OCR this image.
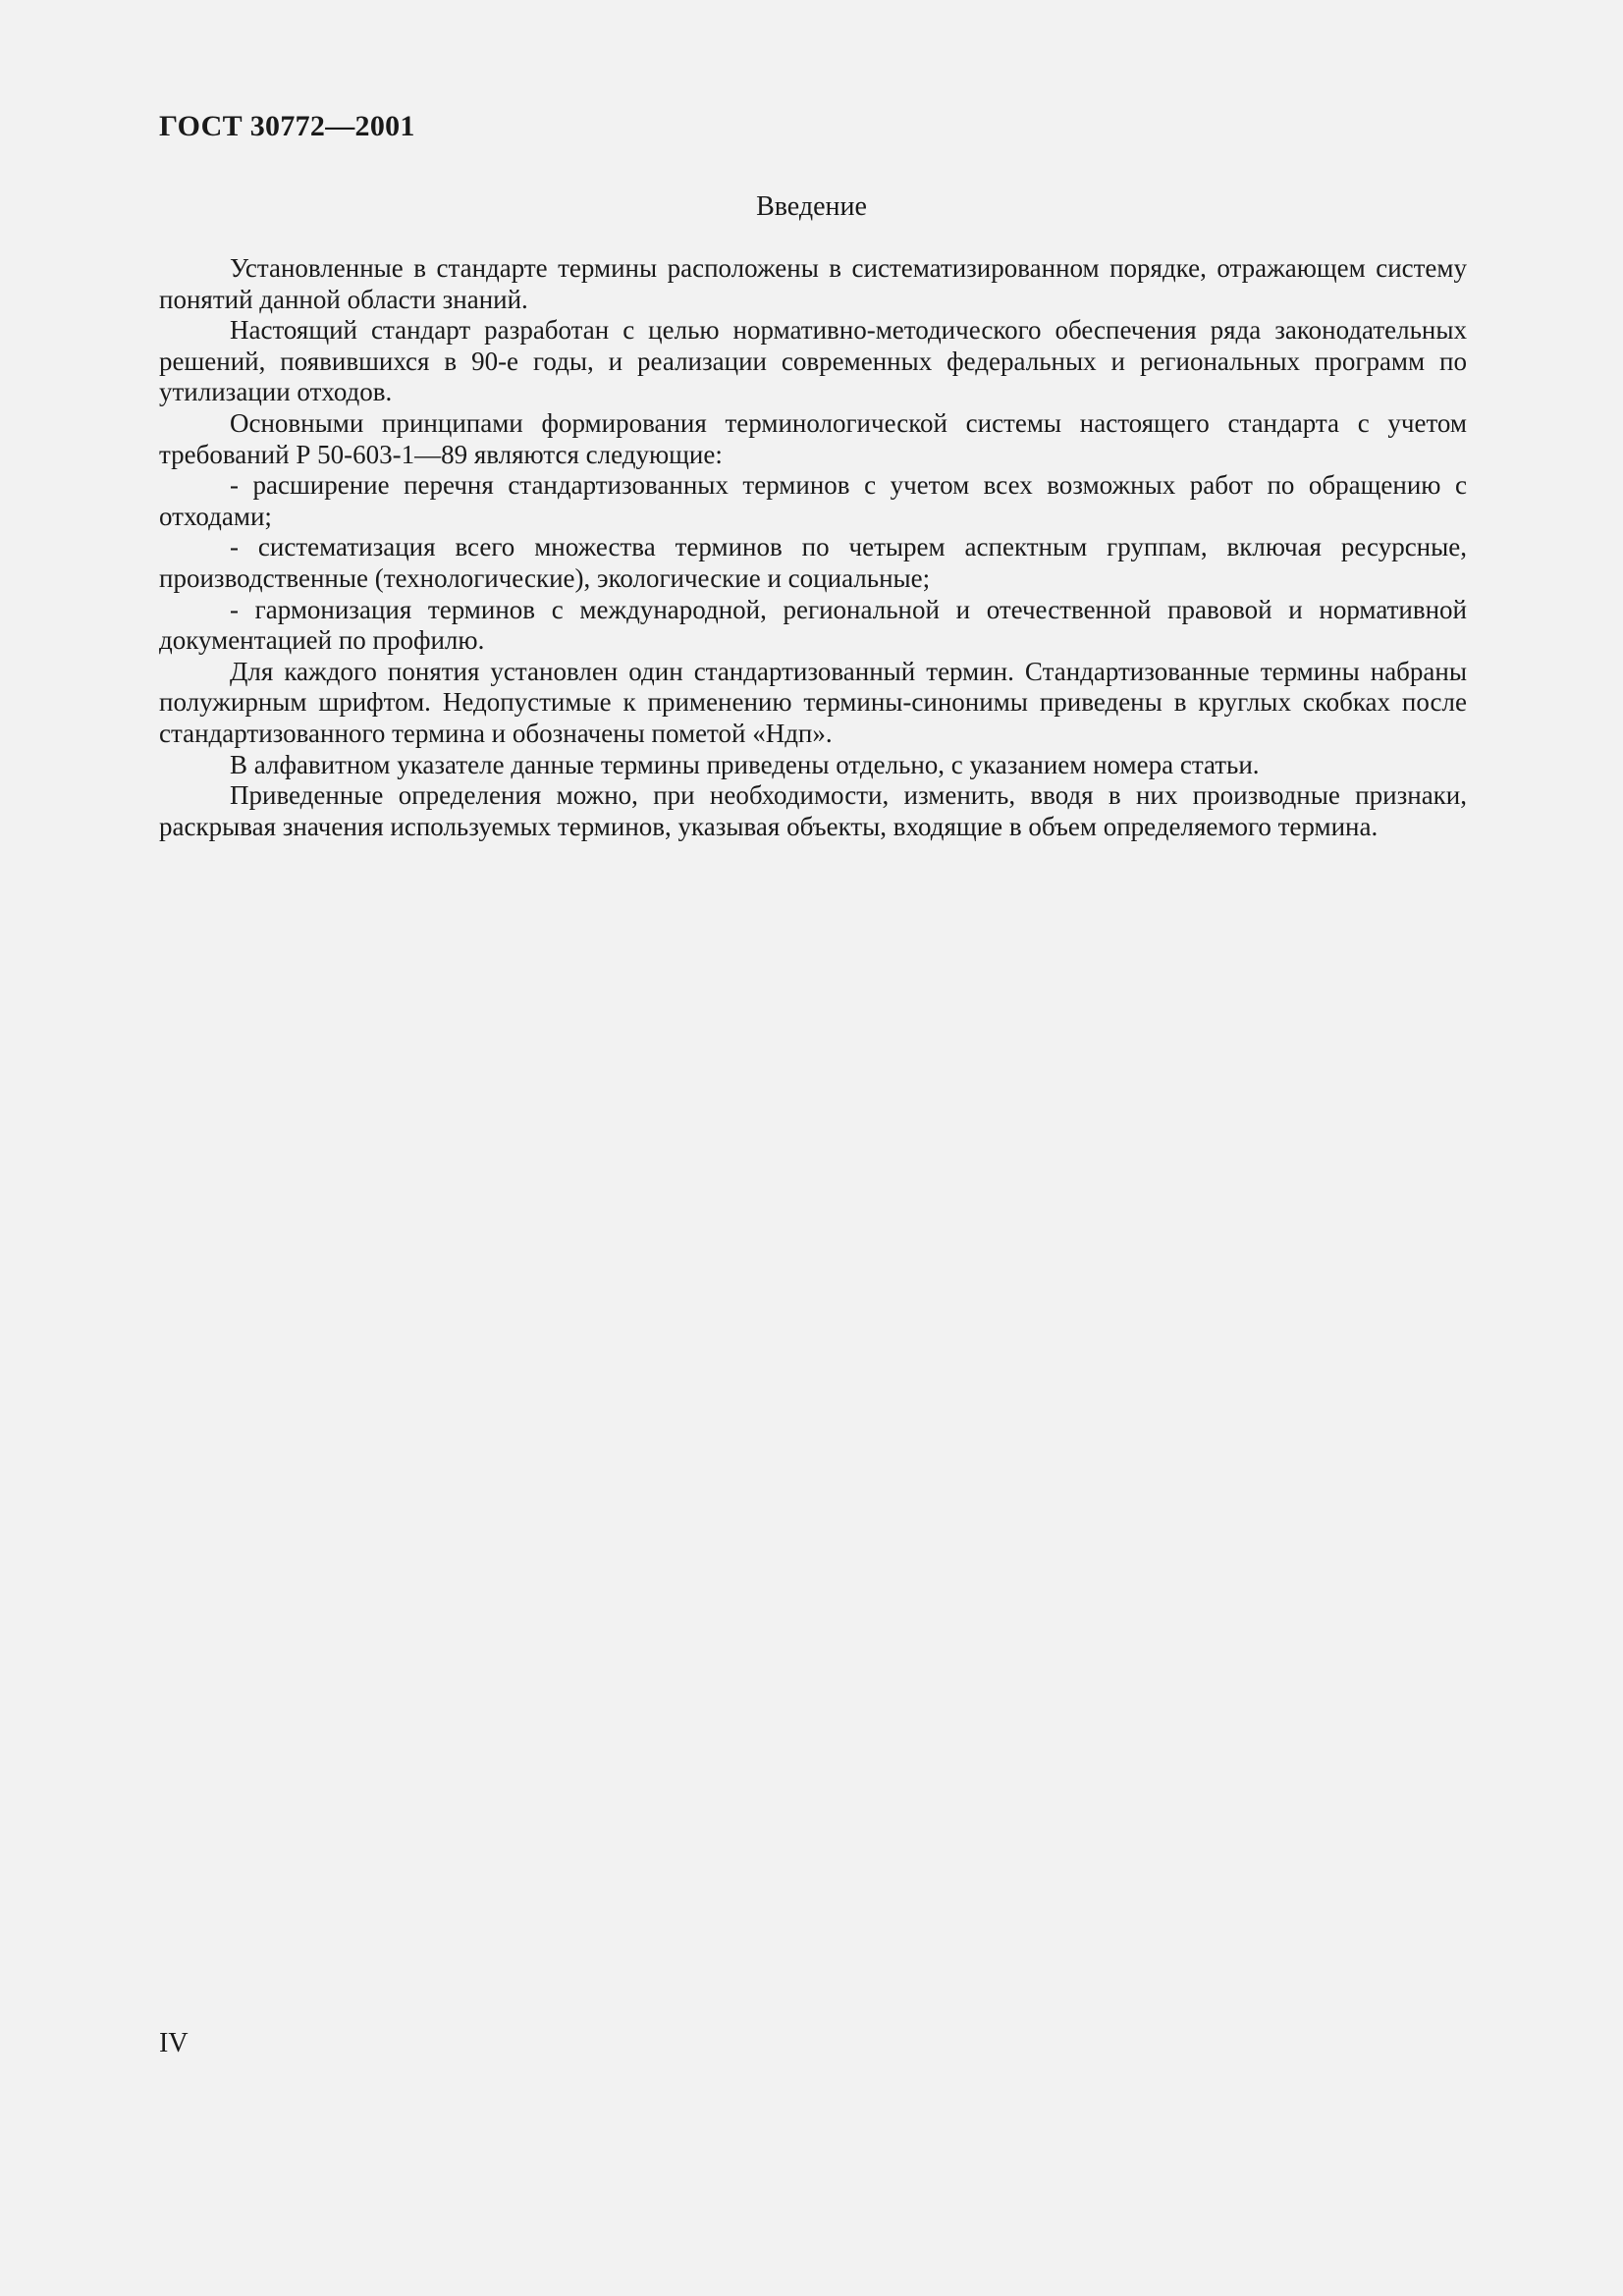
ГОСТ 30772—2001
Введение

Установленные в стандарте термины расположены в систематизированном порядке, отражающем систему понятий данной области знаний.

Настоящий стандарт разработан с целью нормативно-методического обеспечения ряда законодательных решений, появившихся в 90-е годы, и реализации современных федеральных и региональных программ по утилизации отходов.

Основными принципами формирования терминологической системы настоящего стандарта с учетом требований Р 50-603-1—89 являются следующие:

- расширение перечня стандартизованных терминов с учетом всех возможных работ по обращению с отходами;

- систематизация всего множества терминов по четырем аспектным группам, включая ресурсные, производственные (технологические), экологические и социальные;

- гармонизация терминов с международной, региональной и отечественной правовой и нормативной документацией по профилю.

Для каждого понятия установлен один стандартизованный термин. Стандартизованные термины набраны полужирным шрифтом. Недопустимые к применению термины-синонимы приведены в круглых скобках после стандартизованного термина и обозначены пометой «Ндп».

В алфавитном указателе данные термины приведены отдельно, с указанием номера статьи.

Приведенные определения можно, при необходимости, изменить, вводя в них производные признаки, раскрывая значения используемых терминов, указывая объекты, входящие в объем определяемого термина.

IV
